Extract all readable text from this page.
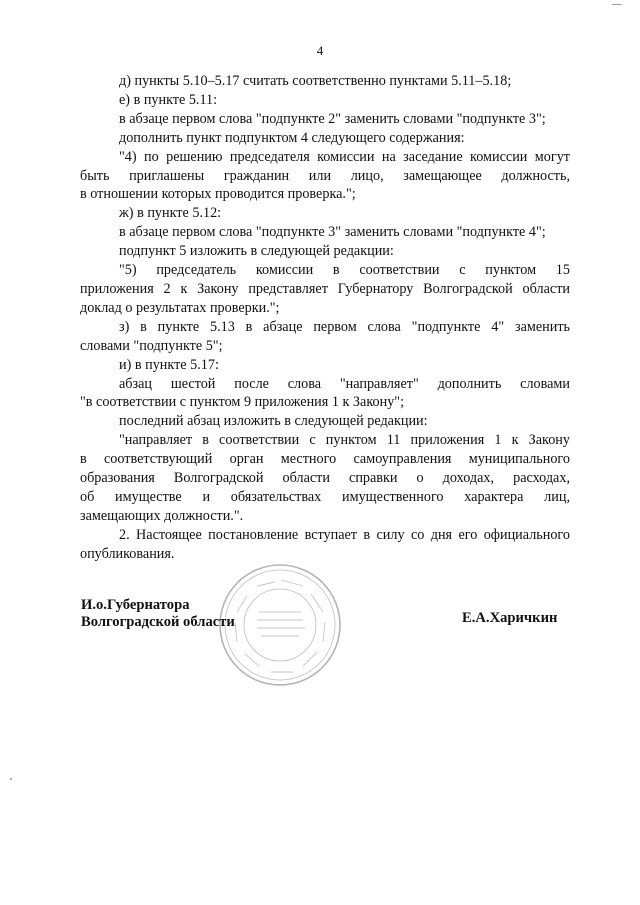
4
д) пункты 5.10–5.17 считать соответственно пунктами 5.11–5.18;
е) в пункте 5.11:
в абзаце первом слова "подпункте 2" заменить словами "подпункте 3";
дополнить пункт подпунктом 4 следующего содержания:
"4) по решению председателя комиссии на заседание комиссии могут
быть приглашены гражданин или лицо, замещающее должность,
в отношении которых проводится проверка.";
ж) в пункте 5.12:
в абзаце первом слова "подпункте 3" заменить словами "подпункте 4";
подпункт 5 изложить в следующей редакции:
"5) председатель комиссии в соответствии с пунктом 15
приложения 2 к Закону представляет Губернатору Волгоградской области
доклад о результатах проверки.";
з) в пункте 5.13 в абзаце первом слова "подпункте 4" заменить
словами "подпункте 5";
и) в пункте 5.17:
абзац шестой после слова "направляет" дополнить словами
"в соответствии с пунктом 9 приложения 1 к Закону";
последний абзац изложить в следующей редакции:
"направляет в соответствии с пунктом 11 приложения 1 к Закону
в соответствующий орган местного самоуправления муниципального
образования Волгоградской области справки о доходах, расходах,
об имуществе и обязательствах имущественного характера лиц,
замещающих должности.".
2. Настоящее постановление вступает в силу со дня его официального
опубликования.
И.о.Губернатора
Волгоградской области	Е.А.Харичкин
